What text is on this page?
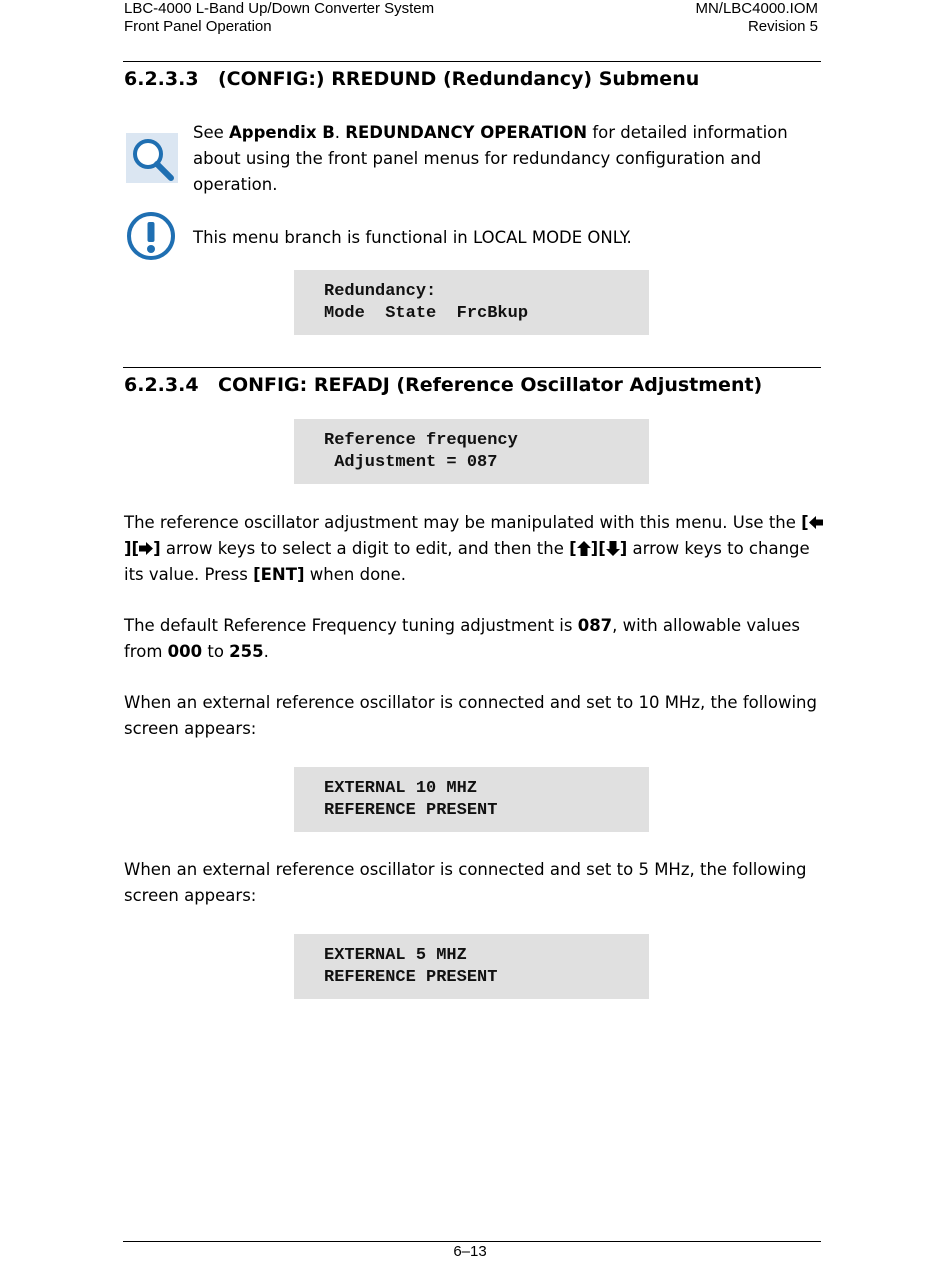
LBC-4000 L-Band Up/Down Converter System
Front Panel Operation
MN/LBC4000.IOM
Revision 5
6.2.3.3 (CONFIG:) RREDUND (Redundancy) Submenu
See Appendix B. REDUNDANCY OPERATION for detailed information about using the front panel menus for redundancy configuration and operation.
This menu branch is functional in LOCAL MODE ONLY.
Redundancy:
Mode  State  FrcBkup
6.2.3.4 CONFIG: REFADJ (Reference Oscillator Adjustment)
Reference frequency
Adjustment = 087
The reference oscillator adjustment may be manipulated with this menu. Use the [][ ] arrow keys to select a digit to edit, and then the [ ][ ] arrow keys to change its value. Press [ENT] when done.
The default Reference Frequency tuning adjustment is 087, with allowable values from 000 to 255.
When an external reference oscillator is connected and set to 10 MHz, the following screen appears:
EXTERNAL 10 MHZ
REFERENCE PRESENT
When an external reference oscillator is connected and set to 5 MHz, the following screen appears:
EXTERNAL 5 MHZ
REFERENCE PRESENT
6–13
